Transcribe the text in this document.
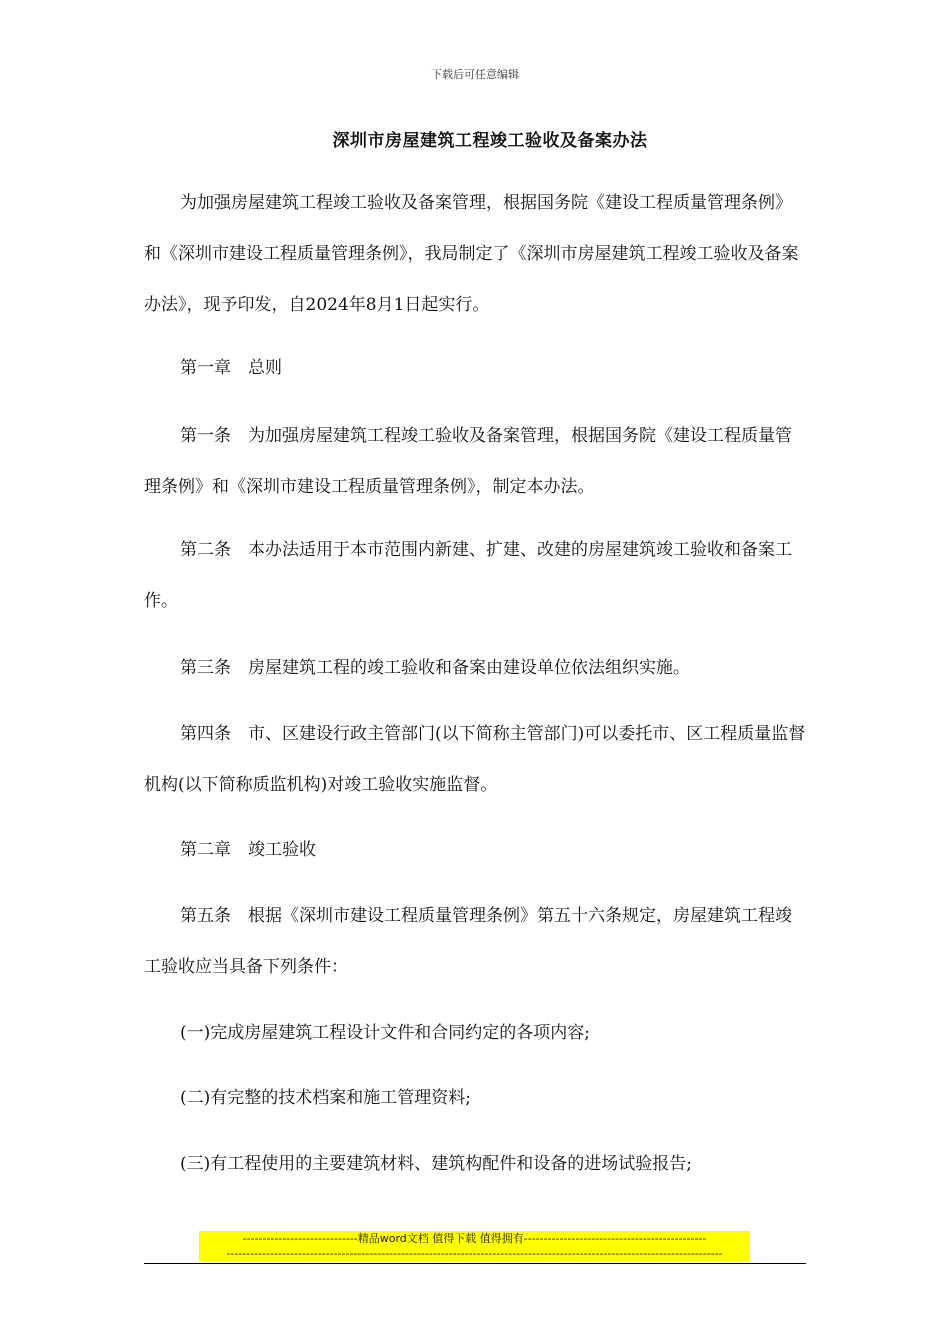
下载后可任意编辑
深圳市房屋建筑工程竣工验收及备案办法

为加强房屋建筑工程竣工验收及备案管理，根据国务院《建设工程质量管理条例》和《深圳市建设工程质量管理条例》，我局制定了《深圳市房屋建筑工程竣工验收及备案办法》，现予印发，自2024年8月1日起实行。

第一章　总则

第一条　为加强房屋建筑工程竣工验收及备案管理，根据国务院《建设工程质量管理条例》和《深圳市建设工程质量管理条例》，制定本办法。

第二条　本办法适用于本市范围内新建、扩建、改建的房屋建筑竣工验收和备案工作。

第三条　房屋建筑工程的竣工验收和备案由建设单位依法组织实施。

第四条　市、区建设行政主管部门(以下简称主管部门)可以委托市、区工程质量监督机构(以下简称质监机构)对竣工验收实施监督。

第二章　竣工验收

第五条　根据《深圳市建设工程质量管理条例》第五十六条规定，房屋建筑工程竣工验收应当具备下列条件：

(一)完成房屋建筑工程设计文件和合同约定的各项内容;

(二)有完整的技术档案和施工管理资料;

(三)有工程使用的主要建筑材料、建筑构配件和设备的进场试验报告;

-----------------------------精品word文档 值得下载 值得拥有----------------------------------------------
-----------------------------------------------------------------------------------------------------------------------------
